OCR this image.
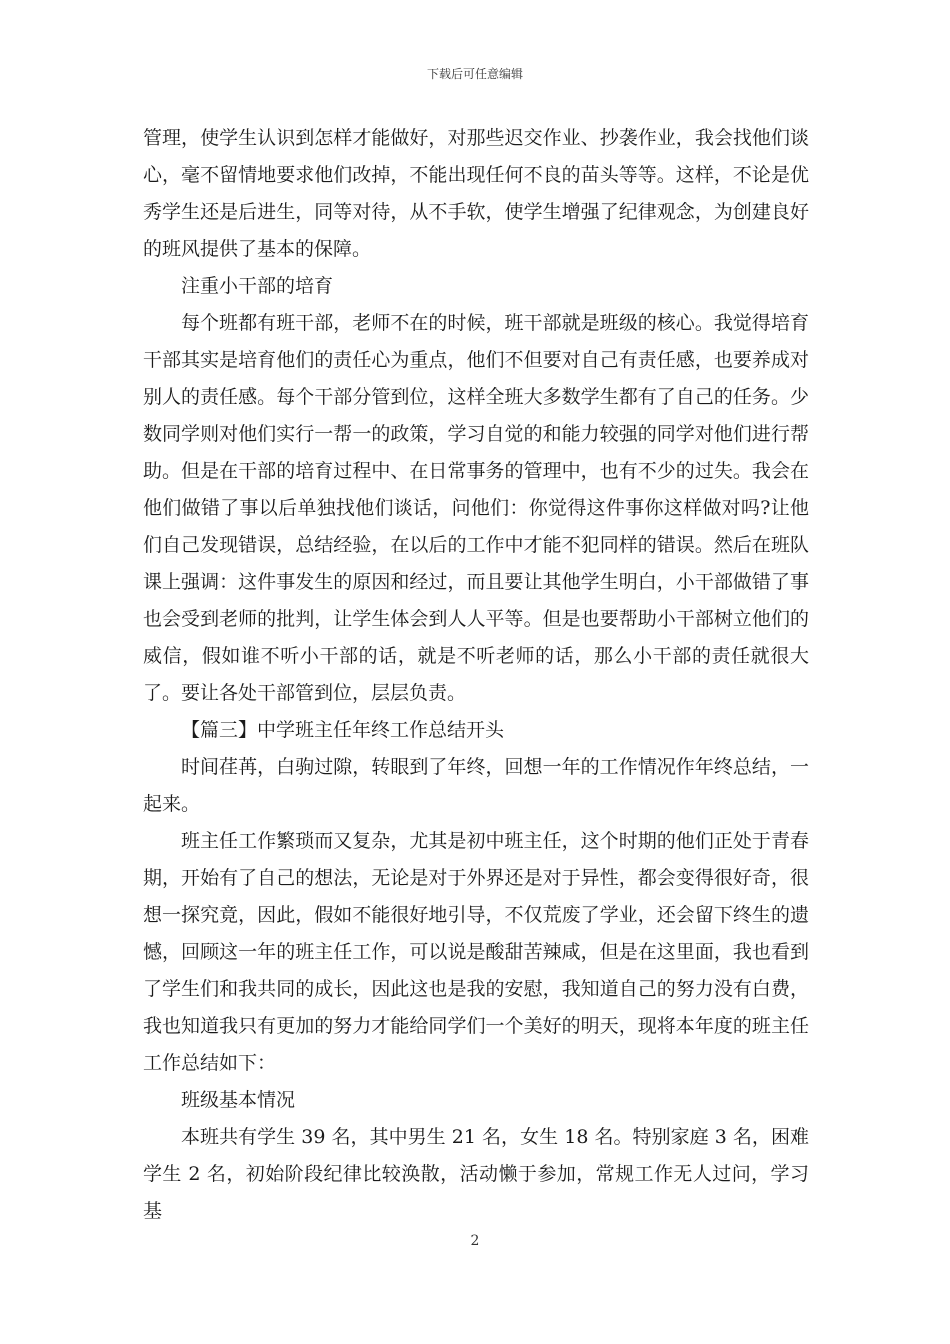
下载后可任意编辑

管理，使学生认识到怎样才能做好，对那些迟交作业、抄袭作业，我会找他们谈心，毫不留情地要求他们改掉，不能出现任何不良的苗头等等。这样，不论是优秀学生还是后进生，同等对待，从不手软，使学生增强了纪律观念，为创建良好的班风提供了基本的保障。

注重小干部的培育

每个班都有班干部，老师不在的时候，班干部就是班级的核心。我觉得培育干部其实是培育他们的责任心为重点，他们不但要对自己有责任感，也要养成对别人的责任感。每个干部分管到位，这样全班大多数学生都有了自己的任务。少数同学则对他们实行一帮一的政策，学习自觉的和能力较强的同学对他们进行帮助。但是在干部的培育过程中、在日常事务的管理中，也有不少的过失。我会在他们做错了事以后单独找他们谈话，问他们：你觉得这件事你这样做对吗?让他们自己发现错误，总结经验，在以后的工作中才能不犯同样的错误。然后在班队课上强调：这件事发生的原因和经过，而且要让其他学生明白，小干部做错了事也会受到老师的批判，让学生体会到人人平等。但是也要帮助小干部树立他们的威信，假如谁不听小干部的话，就是不听老师的话，那么小干部的责任就很大了。要让各处干部管到位，层层负责。

【篇三】中学班主任年终工作总结开头

时间荏苒，白驹过隙，转眼到了年终，回想一年的工作情况作年终总结，一起来。

班主任工作繁琐而又复杂，尤其是初中班主任，这个时期的他们正处于青春期，开始有了自己的想法，无论是对于外界还是对于异性，都会变得很好奇，很想一探究竟，因此，假如不能很好地引导，不仅荒废了学业，还会留下终生的遗憾，回顾这一年的班主任工作，可以说是酸甜苦辣咸，但是在这里面，我也看到了学生们和我共同的成长，因此这也是我的安慰，我知道自己的努力没有白费，我也知道我只有更加的努力才能给同学们一个美好的明天，现将本年度的班主任工作总结如下：

班级基本情况

本班共有学生 39 名，其中男生 21 名，女生 18 名。特别家庭 3 名，困难学生 2 名，初始阶段纪律比较涣散，活动懒于参加，常规工作无人过问，学习基

2
